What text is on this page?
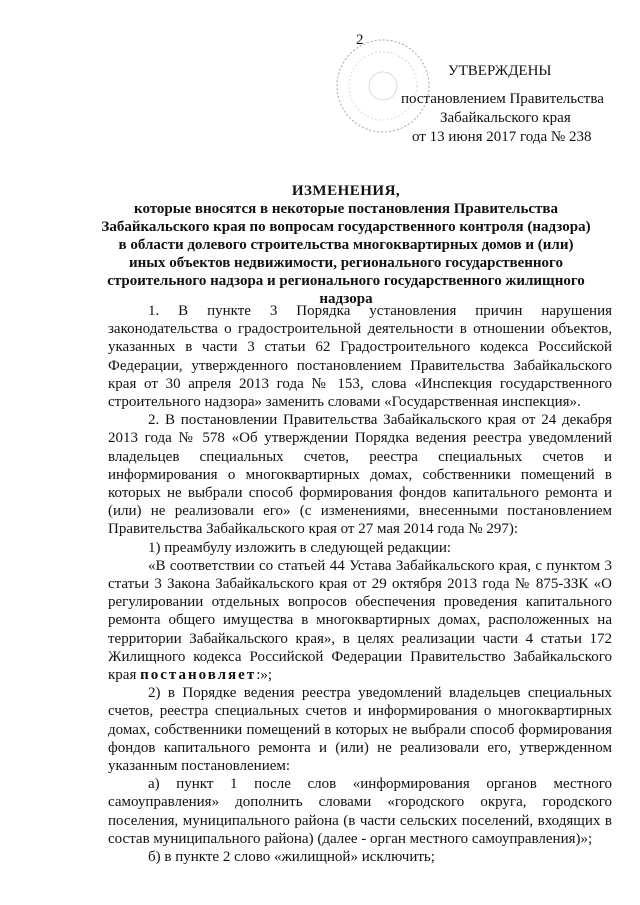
2
УТВЕРЖДЕНЫ
постановлением Правительства
Забайкальского края
от 13 июня 2017 года № 238
ИЗМЕНЕНИЯ,
которые вносятся в некоторые постановления Правительства Забайкальского края по вопросам государственного контроля (надзора) в области долевого строительства многоквартирных домов и (или) иных объектов недвижимости, регионального государственного строительного надзора и регионального государственного жилищного надзора

1. В пункте 3 Порядка установления причин нарушения законодательства о градостроительной деятельности в отношении объектов, указанных в части 3 статьи 62 Градостроительного кодекса Российской Федерации, утвержденного постановлением Правительства Забайкальского края от 30 апреля 2013 года № 153, слова «Инспекция государственного строительного надзора» заменить словами «Государственная инспекция».

2. В постановлении Правительства Забайкальского края от 24 декабря 2013 года № 578 «Об утверждении Порядка ведения реестра уведомлений владельцев специальных счетов, реестра специальных счетов и информирования о многоквартирных домах, собственники помещений в которых не выбрали способ формирования фондов капитального ремонта и (или) не реализовали его» (с изменениями, внесенными постановлением Правительства Забайкальского края от 27 мая 2014 года № 297):

1) преамбулу изложить в следующей редакции:

«В соответствии со статьей 44 Устава Забайкальского края, с пунктом 3 статьи 3 Закона Забайкальского края от 29 октября 2013 года № 875-ЗЗК «О регулировании отдельных вопросов обеспечения проведения капитального ремонта общего имущества в многоквартирных домах, расположенных на территории Забайкальского края», в целях реализации части 4 статьи 172 Жилищного кодекса Российской Федерации Правительство Забайкальского края постановляет:»;

2) в Порядке ведения реестра уведомлений владельцев специальных счетов, реестра специальных счетов и информирования о многоквартирных домах, собственники помещений в которых не выбрали способ формирования фондов капитального ремонта и (или) не реализовали его, утвержденном указанным постановлением:

а) пункт 1 после слов «информирования органов местного самоуправления» дополнить словами «городского округа, городского поселения, муниципального района (в части сельских поселений, входящих в состав муниципального района) (далее - орган местного самоуправления)»;

б) в пункте 2 слово «жилищной» исключить;
